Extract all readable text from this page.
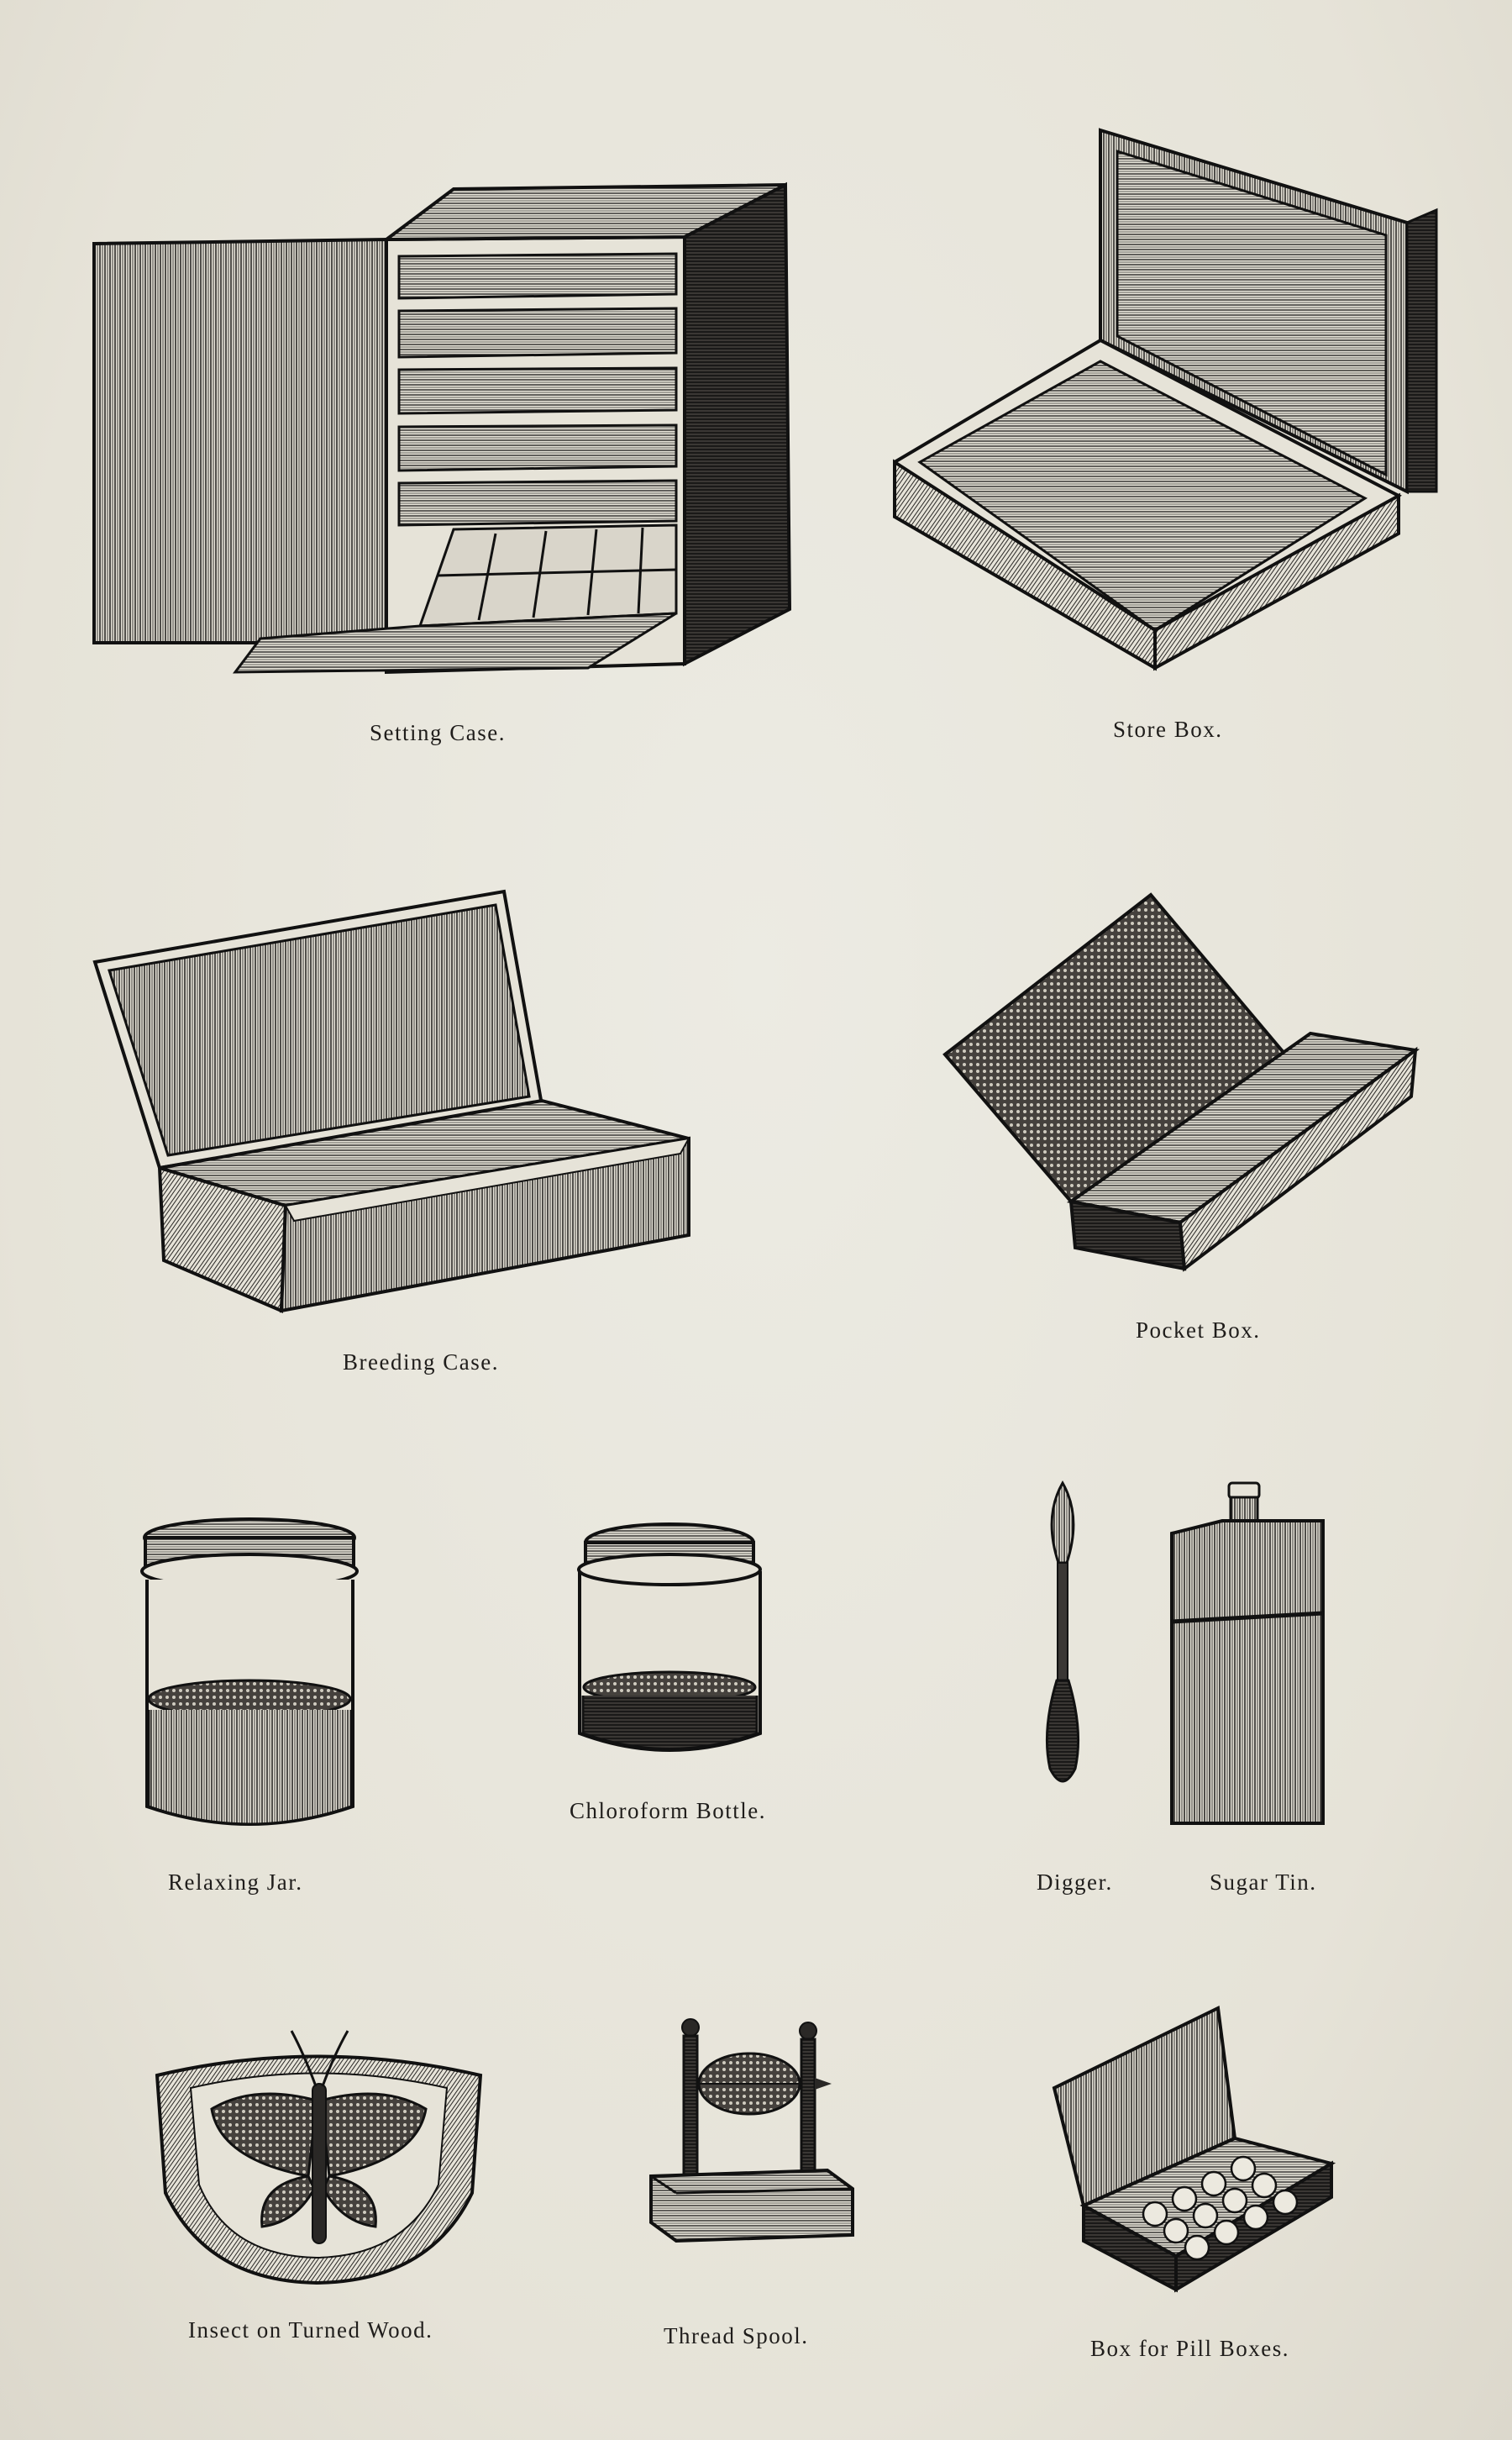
Setting Case.	Store Box.
Breeding Case.
Pocket Box.
Relaxing Jar.
Chloroform Bottle.
Digger.	Sugar Tin.
Insect on Turned Wood.	Thread Spool.	Box for Pill Boxes.
